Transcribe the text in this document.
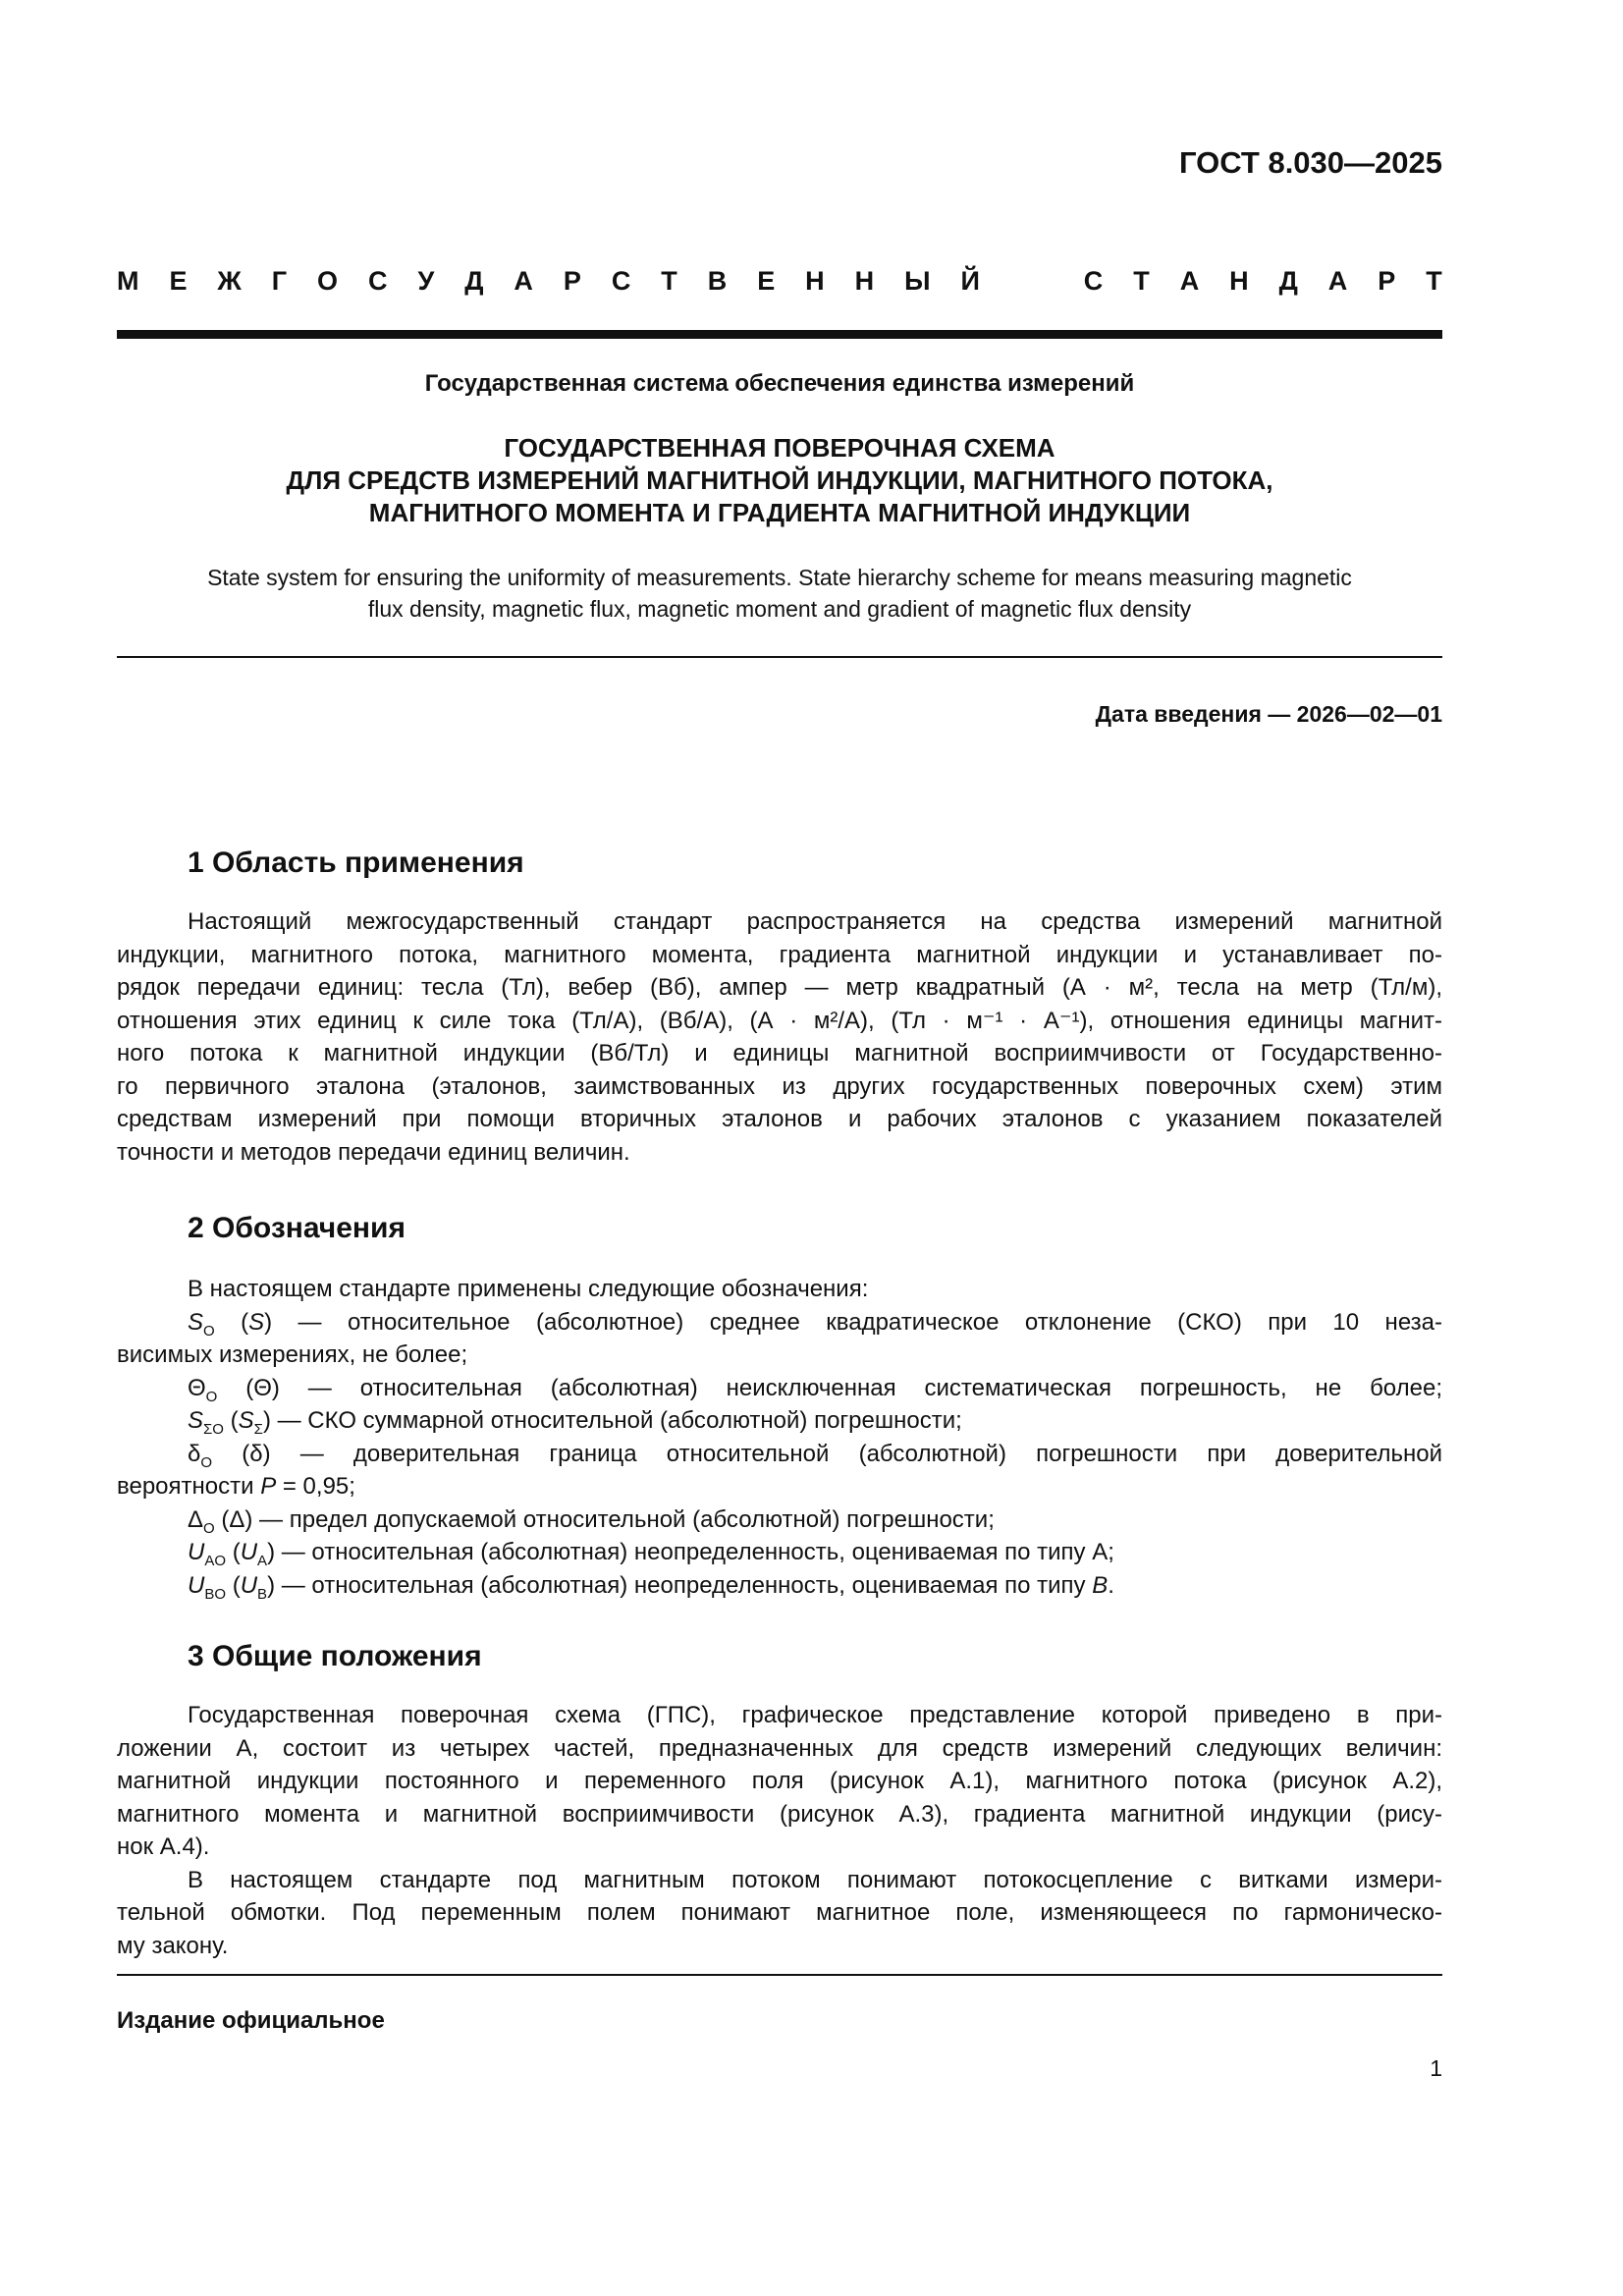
ГОСТ 8.030—2025
М Е Ж Г О С У Д А Р С Т В Е Н Н Ы Й	С Т А Н Д А Р Т
Государственная система обеспечения единства измерений
ГОСУДАРСТВЕННАЯ ПОВЕРОЧНАЯ СХЕМА
ДЛЯ СРЕДСТВ ИЗМЕРЕНИЙ МАГНИТНОЙ ИНДУКЦИИ, МАГНИТНОГО ПОТОКА,
МАГНИТНОГО МОМЕНТА И ГРАДИЕНТА МАГНИТНОЙ ИНДУКЦИИ
State system for ensuring the uniformity of measurements. State hierarchy scheme for means measuring magnetic
flux density, magnetic flux, magnetic moment and gradient of magnetic flux density
Дата введения — 2026—02—01
1 Область применения
Настоящий межгосударственный стандарт распространяется на средства измерений магнитной
индукции, магнитного потока, магнитного момента, градиента магнитной индукции и устанавливает по-
рядок передачи единиц: тесла (Тл), вебер (Вб), ампер — метр квадратный (А · м², тесла на метр (Тл/м),
отношения этих единиц к силе тока (Тл/А), (Вб/А), (А · м²/А), (Тл · м⁻¹ · А⁻¹), отношения единицы магнит-
ного потока к магнитной индукции (Вб/Тл) и единицы магнитной восприимчивости от Государственно-
го первичного эталона (эталонов, заимствованных из других государственных поверочных схем) этим
средствам измерений при помощи вторичных эталонов и рабочих эталонов с указанием показателей
точности и методов передачи единиц величин.
2 Обозначения
В настоящем стандарте применены следующие обозначения:
$S_O$ (S) — относительное (абсолютное) среднее квадратическое отклонение (СКО) при 10 неза-
висимых измерениях, не более;
$\Theta_O$ (Θ) — относительная (абсолютная) неисключенная систематическая погрешность, не более;
$S_{\Sigma O}$ $(S_\Sigma)$ — СКО суммарной относительной (абсолютной) погрешности;
$\delta_O$ (δ) — доверительная граница относительной (абсолютной) погрешности при доверительной
вероятности P = 0,95;
$\Delta_O$ (Δ) — предел допускаемой относительной (абсолютной) погрешности;
$U_{AO}$ $(U_A)$ — относительная (абсолютная) неопределенность, оцениваемая по типу А;
$U_{BO}$ $(U_B)$ — относительная (абсолютная) неопределенность, оцениваемая по типу B.
3 Общие положения
Государственная поверочная схема (ГПС), графическое представление которой приведено в при-
ложении А, состоит из четырех частей, предназначенных для средств измерений следующих величин:
магнитной индукции постоянного и переменного поля (рисунок А.1), магнитного потока (рисунок А.2),
магнитного момента и магнитной восприимчивости (рисунок А.3), градиента магнитной индукции (рису-
нок А.4).
В настоящем стандарте под магнитным потоком понимают потокосцепление с витками измери-
тельной обмотки. Под переменным полем понимают магнитное поле, изменяющееся по гармоническо-
му закону.
Издание официальное
1
